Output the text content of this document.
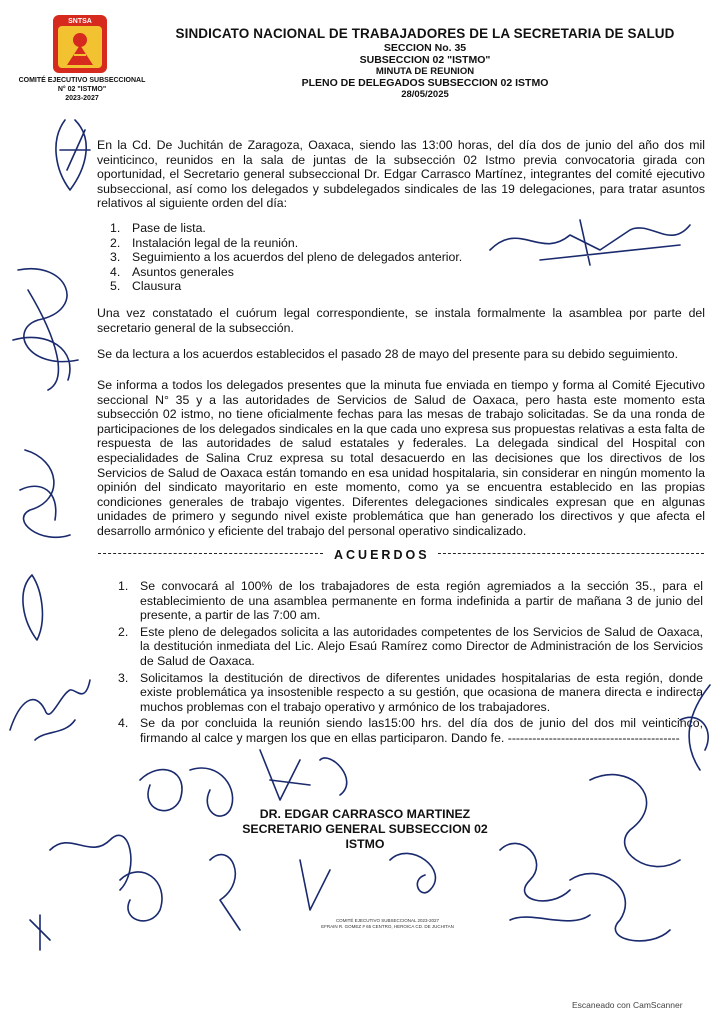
SNTSA
COMITÉ EJECUTIVO SUBSECCIONAL
N° 02 "ISTMO"
2023-2027
SINDICATO NACIONAL DE TRABAJADORES DE LA SECRETARIA DE SALUD
SECCION No. 35
SUBSECCION 02 "ISTMO"
MINUTA DE REUNION
PLENO DE DELEGADOS SUBSECCION 02 ISTMO
28/05/2025
En la Cd. De Juchitán de Zaragoza, Oaxaca, siendo las 13:00 horas, del día dos de junio del año dos mil veinticinco, reunidos en la sala de juntas de la subsección 02 Istmo previa convocatoria girada con oportunidad, el Secretario general subseccional Dr. Edgar Carrasco Martínez, integrantes del comité ejecutivo subseccional, así como los delegados y subdelegados sindicales de las 19 delegaciones, para tratar asuntos relativos al siguiente orden del día:
1. Pase de lista.
2. Instalación legal de la reunión.
3. Seguimiento a los acuerdos del pleno de delegados anterior.
4. Asuntos generales
5. Clausura
Una vez constatado el cuórum legal correspondiente, se instala formalmente la asamblea por parte del secretario general de la subsección.
Se da lectura a los acuerdos establecidos el pasado 28 de mayo del presente para su debido seguimiento.
Se informa a todos los delegados presentes que la minuta fue enviada en tiempo y forma al Comité Ejecutivo seccional N° 35 y a las autoridades de Servicios de Salud de Oaxaca, pero hasta este momento esta subsección 02 istmo, no tiene oficialmente fechas para las mesas de trabajo solicitadas. Se da una ronda de participaciones de los delegados sindicales en la que cada uno expresa sus propuestas relativas a esta falta de respuesta de las autoridades de salud estatales y federales. La delegada sindical del Hospital con especialidades de Salina Cruz expresa su total desacuerdo en las decisiones que los directivos de los Servicios de Salud de Oaxaca están tomando en esa unidad hospitalaria, sin considerar en ningún momento la opinión del sindicato mayoritario en este momento, como ya se encuentra establecido en las propias condiciones generales de trabajo vigentes. Diferentes delegaciones sindicales expresan que en algunas unidades de primero y segundo nivel existe problemática que han generado los directivos y que afecta el desarrollo armónico y eficiente del trabajo del personal operativo sindicalizado.
ACUERDOS
1. Se convocará al 100% de los trabajadores de esta región agremiados a la sección 35., para el establecimiento de una asamblea permanente en forma indefinida a partir de mañana 3 de junio del presente, a partir de las 7:00 am.
2. Este pleno de delegados solicita a las autoridades competentes de los Servicios de Salud de Oaxaca, la destitución inmediata del Lic. Alejo Esaú Ramírez como Director de Administración de los Servicios de Salud de Oaxaca.
3. Solicitamos la destitución de directivos de diferentes unidades hospitalarias de esta región, donde existe problemática ya insostenible respecto a su gestión, que ocasiona de manera directa e indirecta muchos problemas con el trabajo operativo y armónico de los trabajadores.
4. Se da por concluida la reunión siendo las15:00 hrs. del día dos de junio del dos mil veinticinco, firmando al calce y margen los que en ellas participaron. Dando fe. ------------------------------------------
DR. EDGAR CARRASCO MARTINEZ
SECRETARIO GENERAL SUBSECCION 02 ISTMO
COMITÉ EJECUTIVO SUBSECCIONAL 2023-2027
EFRAIN R. GOMEZ # 65 CENTRO, HEROICA CD. DE JUCHITAN
Escaneado con CamScanner
